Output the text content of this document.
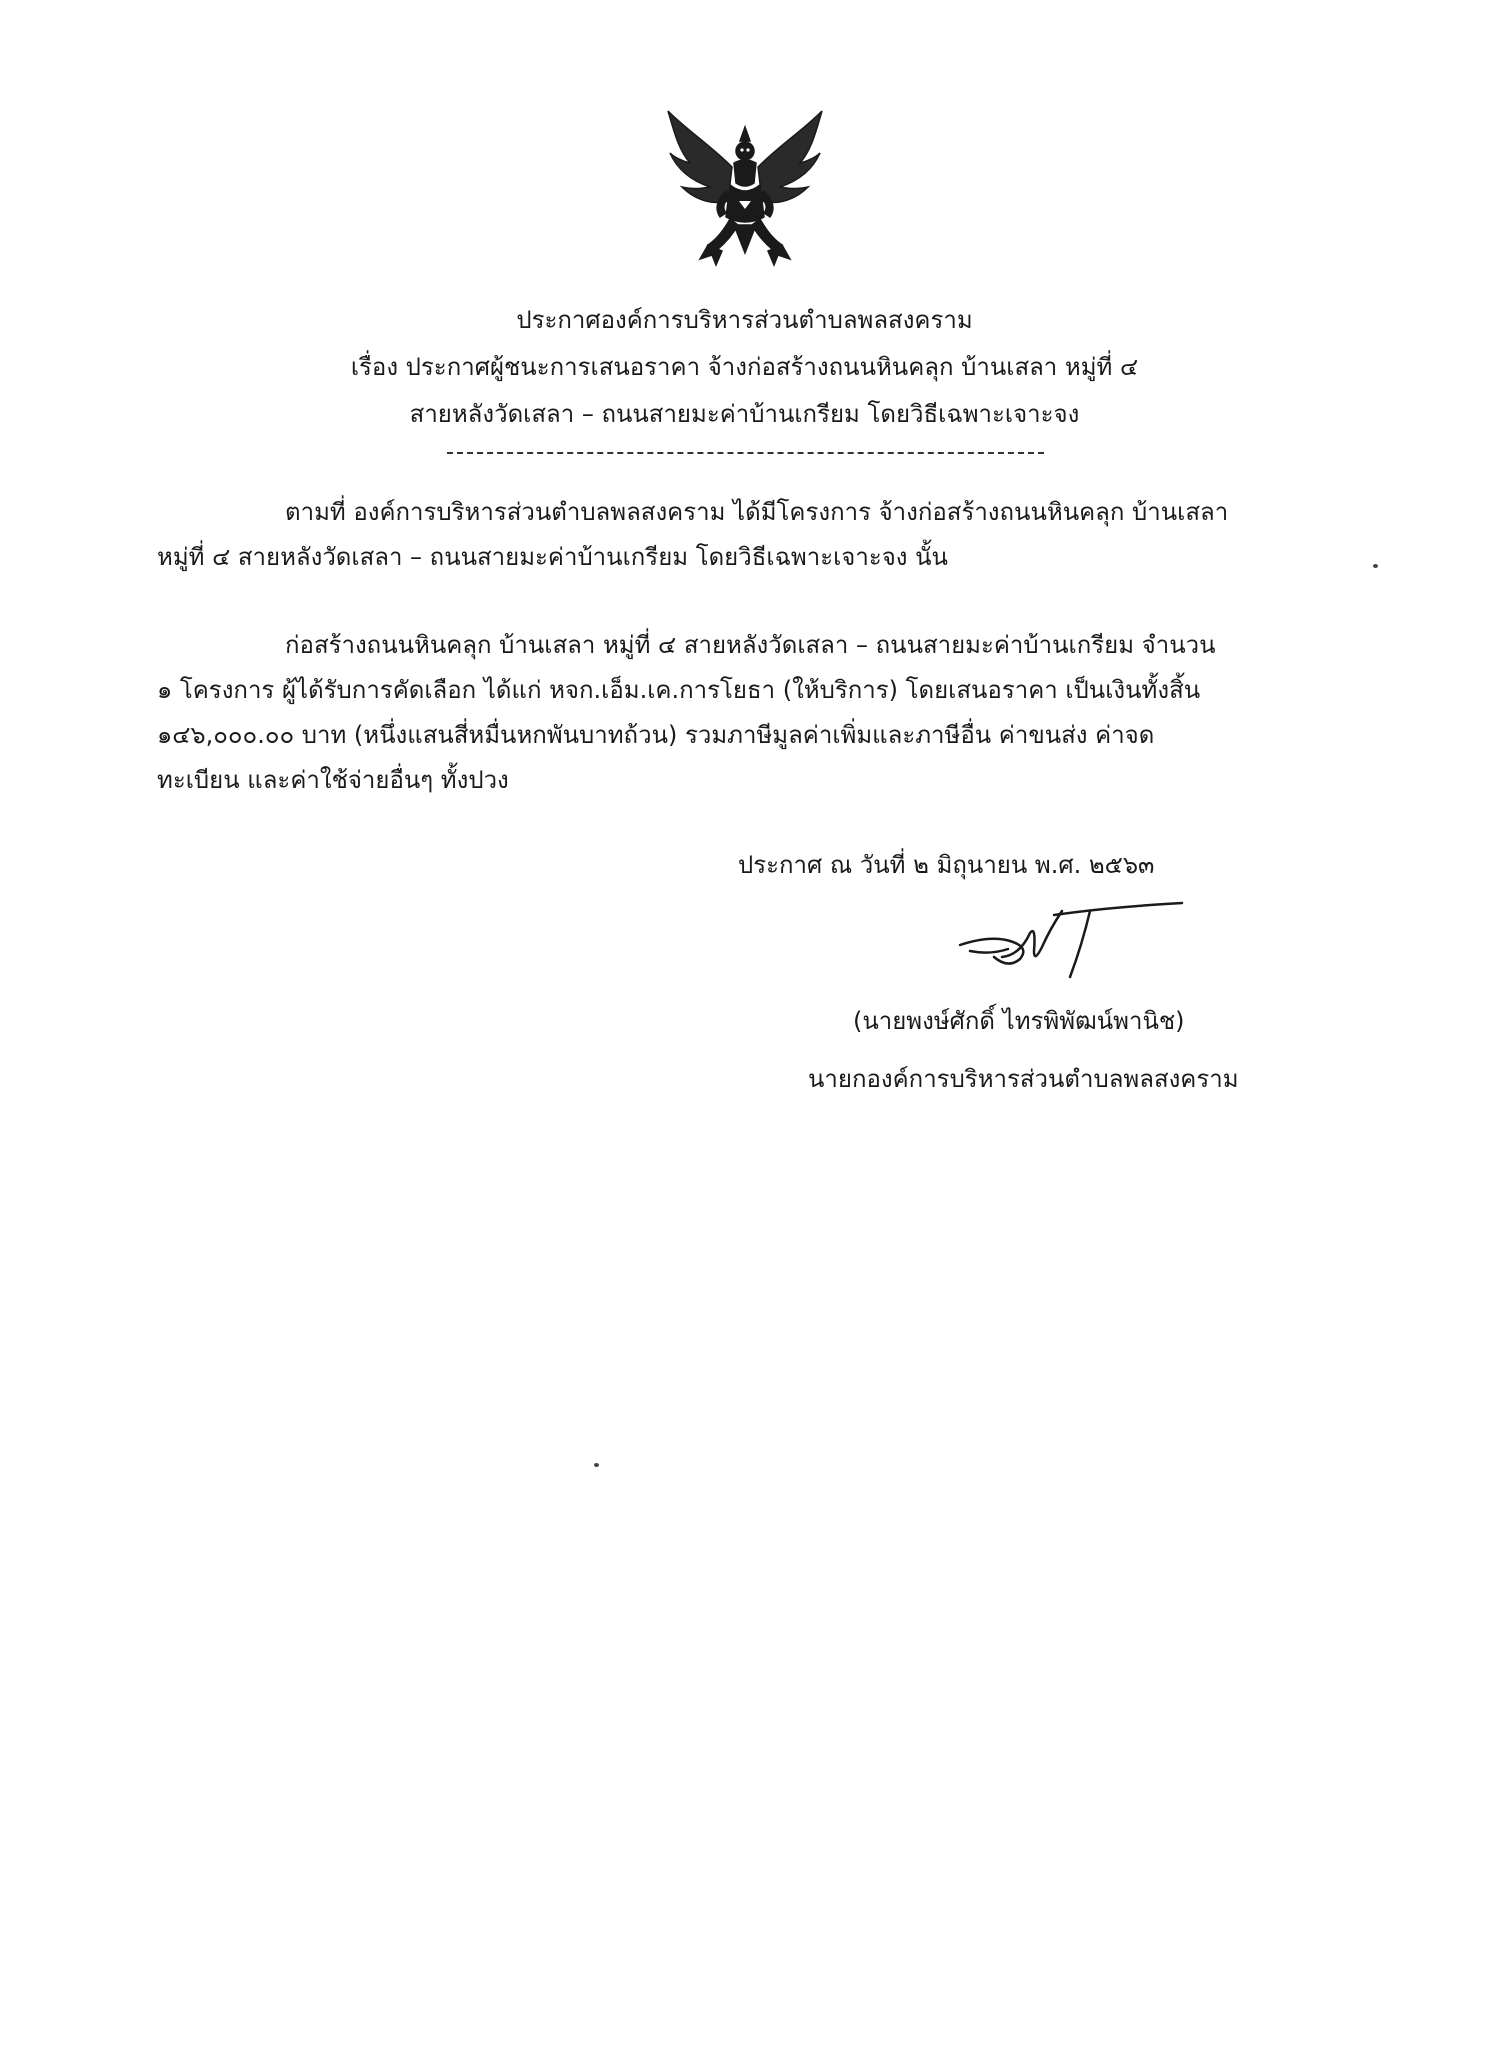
ประกาศองค์การบริหารส่วนตำบลพลสงคราม
เรื่อง ประกาศผู้ชนะการเสนอราคา จ้างก่อสร้างถนนหินคลุก บ้านเสลา หมู่ที่ ๔
สายหลังวัดเสลา – ถนนสายมะค่าบ้านเกรียม โดยวิธีเฉพาะเจาะจง
ตามที่ องค์การบริหารส่วนตำบลพลสงคราม ได้มีโครงการ จ้างก่อสร้างถนนหินคลุก บ้านเสลา
หมู่ที่ ๔ สายหลังวัดเสลา – ถนนสายมะค่าบ้านเกรียม โดยวิธีเฉพาะเจาะจง นั้น
ก่อสร้างถนนหินคลุก บ้านเสลา หมู่ที่ ๔ สายหลังวัดเสลา – ถนนสายมะค่าบ้านเกรียม จำนวน
๑ โครงการ ผู้ได้รับการคัดเลือก ได้แก่ หจก.เอ็ม.เค.การโยธา (ให้บริการ) โดยเสนอราคา เป็นเงินทั้งสิ้น
๑๔๖,๐๐๐.๐๐ บาท (หนึ่งแสนสี่หมื่นหกพันบาทถ้วน) รวมภาษีมูลค่าเพิ่มและภาษีอื่น ค่าขนส่ง ค่าจด
ทะเบียน และค่าใช้จ่ายอื่นๆ ทั้งปวง
ประกาศ ณ วันที่ ๒ มิถุนายน พ.ศ. ๒๕๖๓
(นายพงษ์ศักดิ์ ไทรพิพัฒน์พานิช)
นายกองค์การบริหารส่วนตำบลพลสงคราม
